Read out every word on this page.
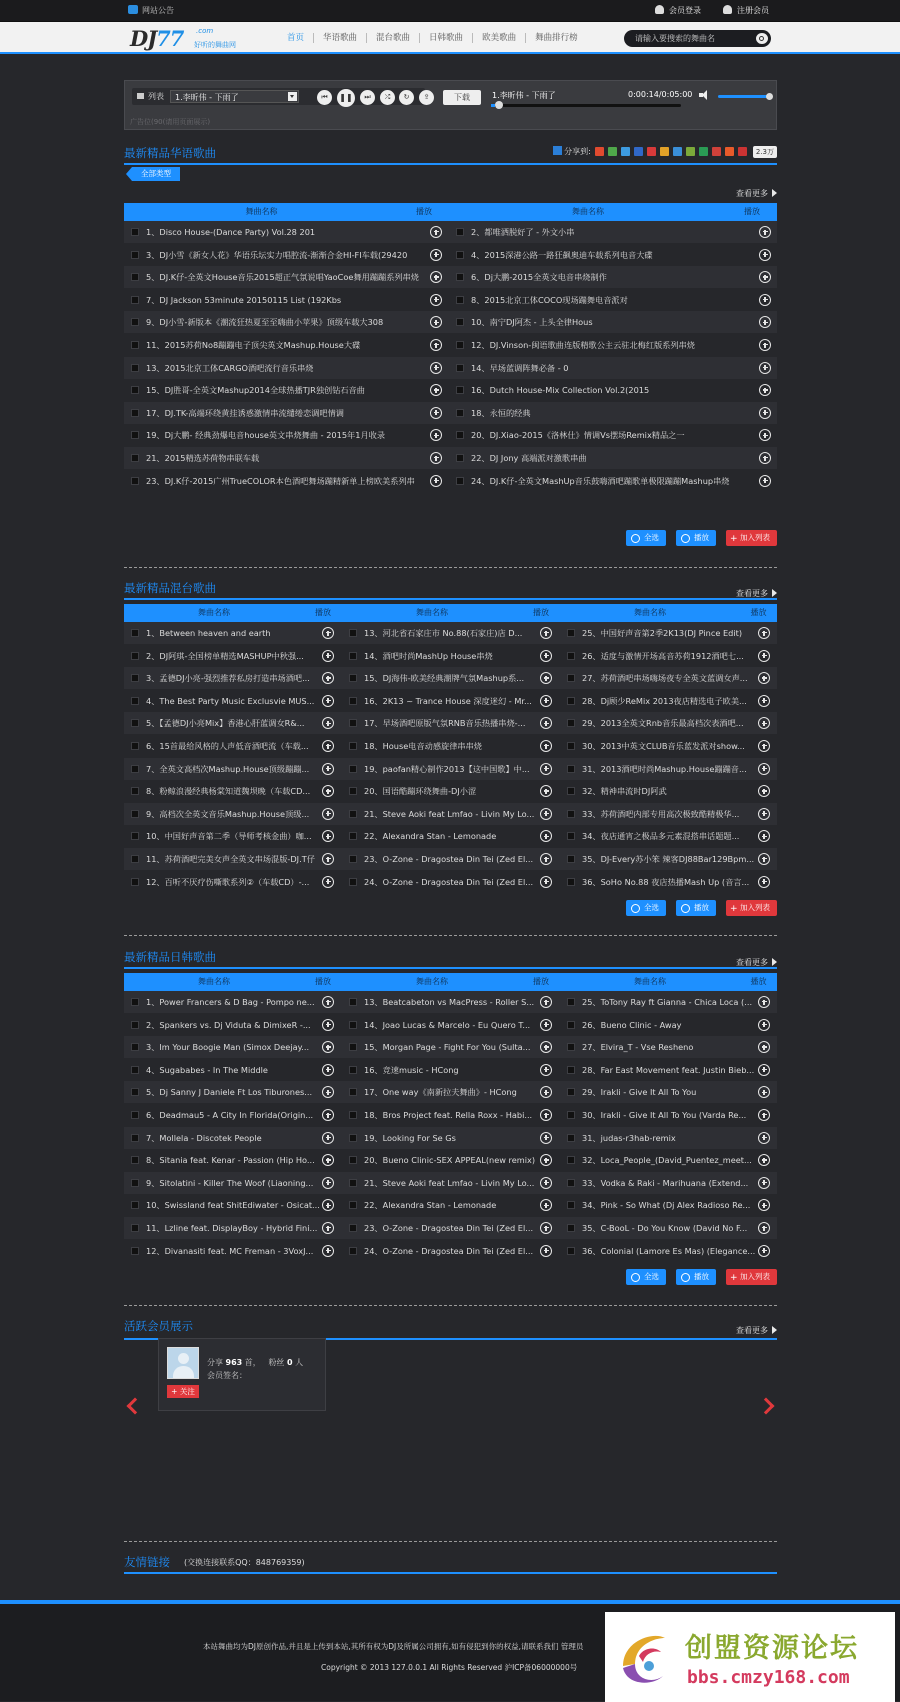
网站公告	会员登录	注册会员
DJ77 .com
好听的舞曲网
首页	华语歌曲	混台歌曲	日韩歌曲	欧美歌曲	舞曲排行榜	请输入要搜索的舞曲名
列表	1.李昕伟 - 下雨了	⏮	❚❚	⏭	⤮	↻	⇪	下载	1.李昕伟 - 下雨了	0:00:14/0:05:00
广告位(90(请用页面展示)
最新精品华语歌曲	分享到:	2.3万
全部类型
查看更多
舞曲名称	播放	舞曲名称	播放
1、Disco House-(Dance Party) Vol.28 201	2、都唯洒脱好了 - 外文小串
3、DJ小雪《新女人花》华语乐坛实力唱腔流-渐渐合金HI-FI车载(29420	4、2015深港公路一路狂飙奥迪车载系列电音大碟
5、DJ.K仔-全英文House音乐2015超正气氛说唱YaoCoe舞用蹦蹦系列串烧	6、Dj大鹏-2015全英文电音串烧制作
7、DJ Jackson 53minute 20150115 List (192Kbs	8、2015北京工体COCO现场蹦舞电音派对
9、DJ小雪-新版本《潮流狂热夏至至嗨曲小苹果》顶级车载大308	10、南宁DJ阿杰 - 上头全律Hous
11、2015苏荷No8蹦蹦电子顶尖英文Mashup.House大碟	12、DJ.Vinson-闽语歌曲连版精歌公主云驻北梅红版系列串烧
13、2015北京工体CARGO酒吧流行音乐串烧	14、早场蓝调阵舞必备 - 0
15、DJ胜哥-全英文Mashup2014全球热播TJR独创钻石音曲	16、Dutch House-Mix Collection Vol.2(2015
17、DJ.TK-高端环绕黄挂诱惑激情串流缱绻恋调吧情调	18、永恒的经典
19、Dj大鹏- 经典劲爆电音house英文串烧舞曲 - 2015年1月收录	20、DJ.Xiao-2015《洛林仕》情调Vs摆场Remix精品之一
21、2015精选苏荷物串联车载	22、DJ Jony 高端派对激歌串曲
23、DJ.K仔-2015广州TrueCOLOR本色酒吧舞场蹦精新单上榜欧美系列串	24、DJ.K仔-全英文MashUp音乐鼓嗨酒吧蹦歌单极限蹦蹦Mashup串烧
全选	播放 +	加入列表
最新精品混台歌曲	查看更多
舞曲名称	播放	舞曲名称	播放	舞曲名称	播放
1、Between heaven and earth	13、河北省石家庄市 No.88(石家庄)店 D...	25、中国好声音第2季2K13(DJ Pince Edit)
2、DJ阿琪-全国榜单精选MASHUP中秋强...	14、酒吧时尚MashUp House串烧	26、适度与激情开场高音苏荷1912酒吧七...
3、孟德DJ小亮-强烈推荐私房打造串场酒吧...	15、DJ海伟-欧美经典潮牌气氛Mashup系...	27、苏荷酒吧串场嗨场夜专全英文蓝调女声...
4、The Best Party Music Exclusvie MUS...	16、2K13 ~ Trance House 深度迷幻 - Mr...	28、Dj顾少ReMix 2013夜店精选电子欧美...
5、【孟德DJ小亮Mix】香港心肝蓝调女R&...	17、早场酒吧原版气氛RNB音乐热播串烧-...	29、2013全英文Rnb音乐最高档次表酒吧...
6、15首最给风格的人声低音酒吧流（车载...	18、House电音动感旋律串串烧	30、2013中英文CLUB音乐蓝发派对show...
7、全英文高档次Mashup.House顶级蹦蹦...	19、paofan精心制作2013【这中国歌】中...	31、2013酒吧时尚Mashup.House蹦蹦音...
8、粉鲸浪漫经典杨棠知道魏坝晚（车载CD...	20、国语酷蹦环绕舞曲-DJ小涩	32、精神串流时DJ阿武
9、高档次全英文音乐Mashup.House顶级...	21、Steve Aoki feat Lmfao - Livin My Lo...	33、苏荷酒吧内部专用高次极致酷精极华...
10、中国好声音第二季（导师考核金曲）咖...	22、Alexandra Stan - Lemonade	34、夜店通宵之极品多元素混搭串话题题...
11、苏荷酒吧完美女声全英文串场混版-DJ.T仔	23、O-Zone - Dragostea Din Tei (Zed El...	35、DJ-Every苏小笨 辣客DJ88Bar129Bpm...
12、百听不厌疗伤嘶歌系列②（车载CD）-...	24、O-Zone - Dragostea Din Tei (Zed El...	36、SoHo No.88 夜店热播Mash Up (音言...
全选	播放 +	加入列表
最新精品日韩歌曲	查看更多
舞曲名称	播放	舞曲名称	播放	舞曲名称	播放
1、Power Francers & D Bag - Pompo ne...	13、Beatcabeton vs MacPress - Roller S...	25、ToTony Ray ft Gianna - Chica Loca (...
2、Spankers vs. Dj Viduta & DimixeR -...	14、Joao Lucas & Marcelo - Eu Quero T...	26、Bueno Clinic - Away
3、Im Your Boogie Man (Simox Deejay...	15、Morgan Page - Fight For You (Sulta...	27、Elvira_T - Vse Resheno
4、Sugababes - In The Middle	16、竞速music - HCong	28、Far East Movement feat. Justin Bieb...
5、Dj Sanny J Daniele Ft Los Tiburones...	17、One way《南新拉夫舞曲》- HCong	29、Irakli - Give It All To You
6、Deadmau5 - A City In Florida(Origin...	18、Bros Project feat. Rella Roxx - Habi...	30、Irakli - Give It All To You (Varda Re...
7、Mollela - Discotek People	19、Looking For Se Gs	31、judas-r3hab-remix
8、Sitania feat. Kenar - Passion (Hip Ho...	20、Bueno Clinic-SEX APPEAL(new remix)	32、Loca_People_(David_Puentez_meet...
9、Sitolatini - Killer The Woof (Liaoning...	21、Steve Aoki feat Lmfao - Livin My Lo...	33、Vodka & Raki - Marihuana (Extend...
10、Swissland feat ShitEdiwater - Osicat...	22、Alexandra Stan - Lemonade	34、Pink - So What (Dj Alex Radioso Re...
11、Lzline feat. DisplayBoy - Hybrid Fini...	23、O-Zone - Dragostea Din Tei (Zed El...	35、C-BooL - Do You Know (David No F...
12、Divanasiti feat. MC Freman - 3VoxJ...	24、O-Zone - Dragostea Din Tei (Zed El...	36、Colonial (Lamore Es Mas) (Elegance...
全选	播放 +	加入列表
活跃会员展示	查看更多
分享 963 首， 粉丝 0 人
会员签名：
+ 关注
友情链接 (交换连接联系QQ：848769359)
本站舞曲均为DJ原创作品,并且是上传到本站,其所有权为DJ及所属公司拥有,如有侵犯到你的权益,请联系我们 管理员
Copyright © 2013 127.0.0.1 All Rights Reserved 沪ICP备06000000号
创盟资源论坛
bbs.cmzy168.com
